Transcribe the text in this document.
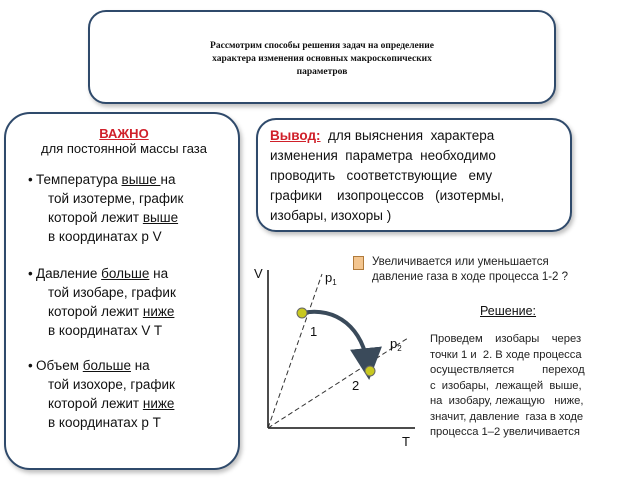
Рассмотрим способы решения задач на определение
характера изменения основных макроскопических
параметров
ВАЖНО
для постоянной массы газа
• Температура выше на
той изотерме, график
которой лежит выше
в координатах р V
• Давление больше на
той изобаре, график
которой лежит ниже
в координатах V T
• Объем больше на
той изохоре, график
которой лежит ниже
в координатах р Т
Вывод:  для выяснения  характера
изменения  параметра  необходимо
проводить   соответствующие   ему
графики    изопроцессов   (изотермы,
изобары, изохоры )
Увеличивается или уменьшается
давление газа в ходе процесса 1-2 ?
Решение:
Проведем    изобары    через
точки 1 и  2. В ходе процесса
осуществляется         переход
с  изобары,  лежащей  выше,
на  изобару, лежащую   ниже,
значит, давление  газа в ходе
процесса 1–2 увеличивается
V
T
$p_1$
$p_2$
1
2
